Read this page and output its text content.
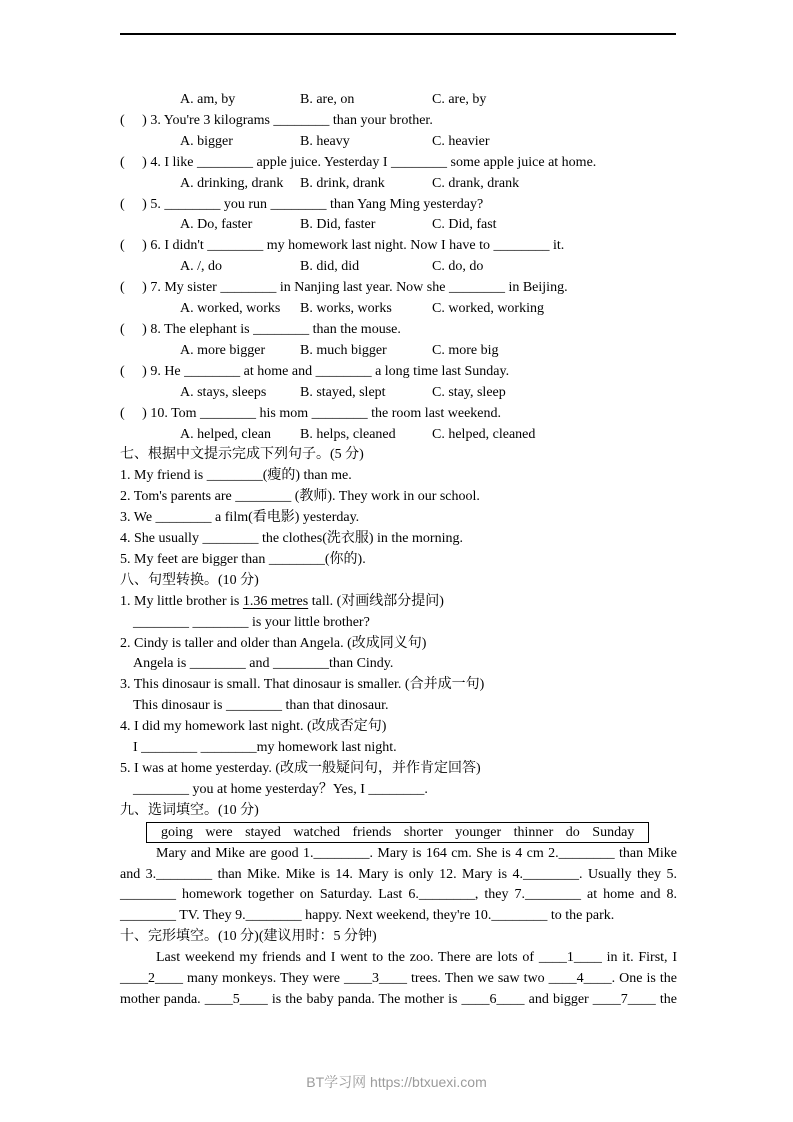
A. am, by	B. are, on	C. are, by
(     ) 3. You're 3 kilograms ________ than your brother.
A. bigger	B. heavy	C. heavier
(     ) 4. I like ________ apple juice. Yesterday I ________ some apple juice at home.
A. drinking, drank B. drink, drank	C. drank, drank
(     ) 5. ________ you run ________ than Yang Ming yesterday?
A. Do, faster	B. Did, faster	C. Did, fast
(     ) 6. I didn't ________ my homework last night. Now I have to ________ it.
A. /, do	B. did, did	C. do, do
(     ) 7. My sister ________ in Nanjing last year. Now she ________ in Beijing.
A. worked, works B. works, works	C. worked, working
(     ) 8. The elephant is ________ than the mouse.
A. more bigger B. much bigger	C. more big
(     ) 9. He ________ at home and ________ a long time last Sunday.
A. stays, sleeps B. stayed, slept	C. stay, sleep
(     ) 10. Tom ________ his mom ________ the room last weekend.
A. helped, clean B. helps, cleaned	C. helped, cleaned
七、根据中文提示完成下列句子。(5 分)
1. My friend is ________(瘦的) than me.
2. Tom's parents are ________ (教师). They work in our school.
3. We ________ a film(看电影) yesterday.
4. She usually ________ the clothes(洗衣服) in the morning.
5. My feet are bigger than ________(你的).
八、句型转换。(10 分)
1. My little brother is 1.36 metres tall. (对画线部分提问)
________ ________ is your little brother?
2. Cindy is taller and older than Angela. (改成同义句)
Angela is ________ and ________than Cindy.
3. This dinosaur is small. That dinosaur is smaller. (合并成一句)
This dinosaur is ________ than that dinosaur.
4. I did my homework last night. (改成否定句)
I ________ ________my homework last night.
5. I was at home yesterday. (改成一般疑问句，并作肯定回答)
________ you at home yesterday？Yes, I ________.
九、选词填空。(10 分)
going were stayed watched friends shorter younger thinner do Sunday
Mary and Mike are good 1.________. Mary is 164 cm. She is 4 cm 2.________ than Mike
and 3.________ than Mike. Mike is 14. Mary is only 12. Mary is 4.________. Usually they 5.
________ homework together on Saturday. Last 6.________, they 7.________ at home and 8.
________ TV. They 9.________ happy. Next weekend, they're 10.________ to the park.
十、完形填空。(10 分)(建议用时：5 分钟)
Last weekend my friends and I went to the zoo. There are lots of ____1____ in it. First, I
____2____ many monkeys. They were ____3____ trees. Then we saw two ____4____. One is the
mother panda. ____5____ is the baby panda. The mother is ____6____ and bigger ____7____ the
BT学习网 https://btxuexi.com
